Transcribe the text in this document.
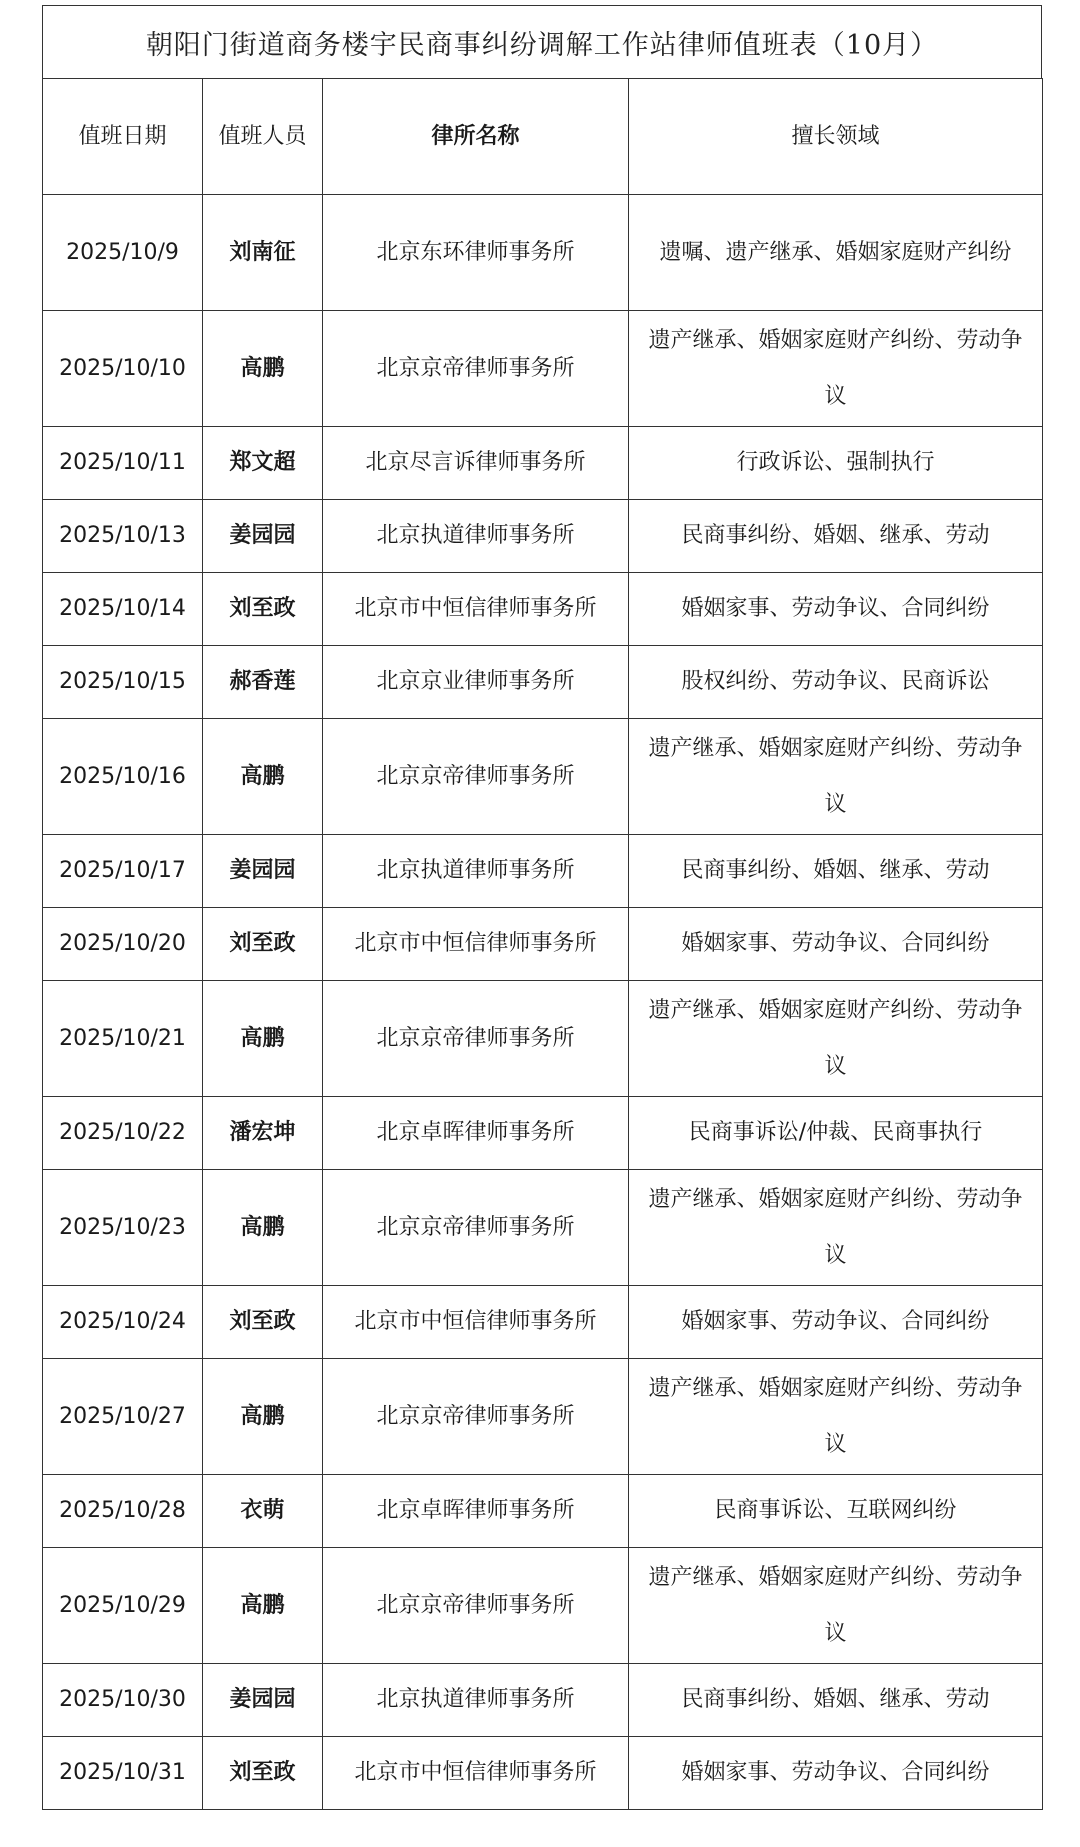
朝阳门街道商务楼宇民商事纠纷调解工作站律师值班表（10月）
值班日期	值班人员	律所名称	擅长领域
2025/10/9	刘南征	北京东环律师事务所	遗嘱、遗产继承、婚姻家庭财产纠纷
2025/10/10	高鹏	北京京帝律师事务所	遗产继承、婚姻家庭财产纠纷、劳动争议
2025/10/11	郑文超	北京尽言诉律师事务所	行政诉讼、强制执行
2025/10/13	姜园园	北京执道律师事务所	民商事纠纷、婚姻、继承、劳动
2025/10/14	刘至政	北京市中恒信律师事务所	婚姻家事、劳动争议、合同纠纷
2025/10/15	郝香莲	北京京业律师事务所	股权纠纷、劳动争议、民商诉讼
2025/10/16	高鹏	北京京帝律师事务所	遗产继承、婚姻家庭财产纠纷、劳动争议
2025/10/17	姜园园	北京执道律师事务所	民商事纠纷、婚姻、继承、劳动
2025/10/20	刘至政	北京市中恒信律师事务所	婚姻家事、劳动争议、合同纠纷
2025/10/21	高鹏	北京京帝律师事务所	遗产继承、婚姻家庭财产纠纷、劳动争议
2025/10/22	潘宏坤	北京卓晖律师事务所	民商事诉讼/仲裁、民商事执行
2025/10/23	高鹏	北京京帝律师事务所	遗产继承、婚姻家庭财产纠纷、劳动争议
2025/10/24	刘至政	北京市中恒信律师事务所	婚姻家事、劳动争议、合同纠纷
2025/10/27	高鹏	北京京帝律师事务所	遗产继承、婚姻家庭财产纠纷、劳动争议
2025/10/28	衣萌	北京卓晖律师事务所	民商事诉讼、互联网纠纷
2025/10/29	高鹏	北京京帝律师事务所	遗产继承、婚姻家庭财产纠纷、劳动争议
2025/10/30	姜园园	北京执道律师事务所	民商事纠纷、婚姻、继承、劳动
2025/10/31	刘至政	北京市中恒信律师事务所	婚姻家事、劳动争议、合同纠纷
